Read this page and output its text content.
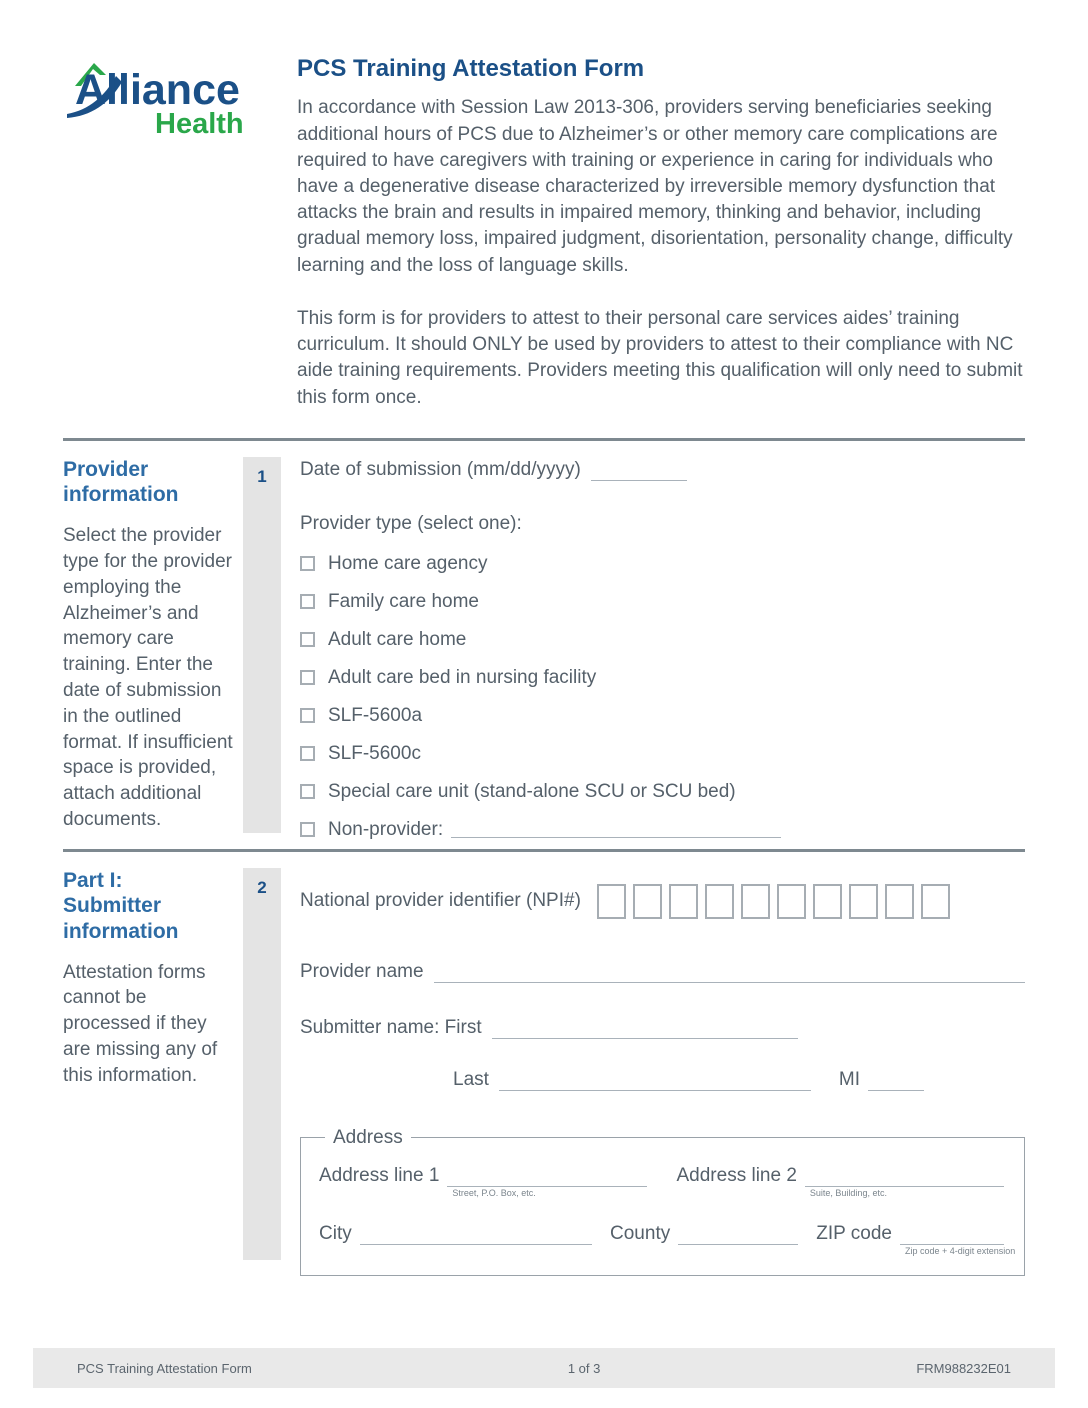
Alliance
Health
PCS Training Attestation Form

In accordance with Session Law 2013-306, providers serving beneficiaries seeking additional hours of PCS due to Alzheimer’s or other memory care complications are required to have caregivers with training or experience in caring for individuals who have a degenerative disease characterized by irreversible memory dysfunction that attacks the brain and results in impaired memory, thinking and behavior, including gradual memory loss, impaired judgment, disorientation, personality change, difficulty learning and the loss of language skills.

This form is for providers to attest to their personal care services aides’ training curriculum. It should ONLY be used by providers to attest to their compliance with NC aide training requirements. Providers meeting this qualification will only need to submit this form once.

Provider information

Select the provider type for the provider employing the Alzheimer’s and memory care training. Enter the date of submission in the outlined format. If insufficient space is provided, attach additional documents.

1	Date of submission (mm/dd/yyyy)
Provider type (select one):
Home care agency
Family care home
Adult care home
Adult care bed in nursing facility
SLF-5600a
SLF-5600c
Special care unit (stand-alone SCU or SCU bed)
Non-provider:
Part I: Submitter information

Attestation forms cannot be processed if they are missing any of this information.

2
National provider identifier (NPI#)
Provider name
Submitter name: First
Last	MI
Address
Address line 1
Street, P.O. Box, etc.
Address line 2
Suite, Building, etc.
City	County	ZIP code
Zip code + 4-digit extension
PCS Training Attestation Form	1 of 3	FRM988232E01
